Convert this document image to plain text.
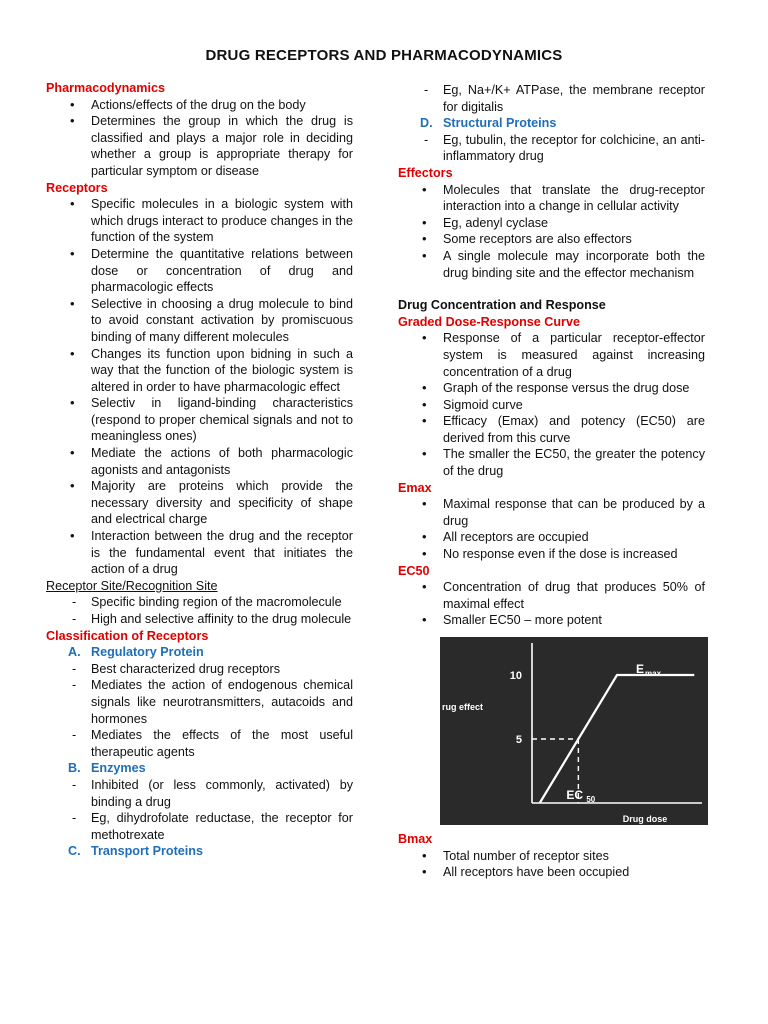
DRUG RECEPTORS AND PHARMACODYNAMICS
Pharmacodynamics
• Actions/effects of the drug on the body
• Determines the group in which the drug is classified and plays a major role in deciding whether a group is appropriate therapy for particular symptom or disease
Receptors
• Specific molecules in a biologic system with which drugs interact to produce changes in the function of the system
• Determine the quantitative relations between dose or concentration of drug and pharmacologic effects
• Selective in choosing a drug molecule to bind to avoid constant activation by promiscuous binding of many different molecules
• Changes its function upon bidning in such a way that the function of the biologic system is altered in order to have pharmacologic effect
• Selectiv in ligand-binding characteristics (respond to proper chemical signals and not to meaningless ones)
• Mediate the actions of both pharmacologic agonists and antagonists
• Majority are proteins which provide the necessary diversity and specificity of shape and electrical charge
• Interaction between the drug and the receptor is the fundamental event that initiates the action of a drug
Receptor Site/Recognition Site
- Specific binding region of the macromolecule
- High and selective affinity to the drug molecule
Classification of Receptors
A. Regulatory Protein
- Best characterized drug receptors
- Mediates the action of endogenous chemical signals like neurotransmitters, autacoids and hormones
- Mediates the effects of the most useful therapeutic agents
B. Enzymes
- Inhibited (or less commonly, activated) by binding a drug
- Eg, dihydrofolate reductase, the receptor for methotrexate
C. Transport Proteins
- Eg, Na+/K+ ATPase, the membrane receptor for digitalis
D. Structural Proteins
- Eg, tubulin, the receptor for colchicine, an anti-inflammatory drug
Effectors
• Molecules that translate the drug-receptor interaction into a change in cellular activity
• Eg, adenyl cyclase
• Some receptors are also effectors
• A single molecule may incorporate both the drug binding site and the effector mechanism
Drug Concentration and Response
Graded Dose-Response Curve
• Response of a particular receptor-effector system is measured against increasing concentration of a drug
• Graph of the response versus the drug dose
• Sigmoid curve
• Efficacy (Emax) and potency (EC50) are derived from this curve
• The smaller the EC50, the greater the potency of the drug
Emax
• Maximal response that can be produced by a drug
• All receptors are occupied
• No response even if the dose is increased
EC50
• Concentration of drug that produces 50% of maximal effect
• Smaller EC50 – more potent
5
10
rug effect
Drug dose
E max
EC 50
Bmax
• Total number of receptor sites
• All receptors have been occupied
